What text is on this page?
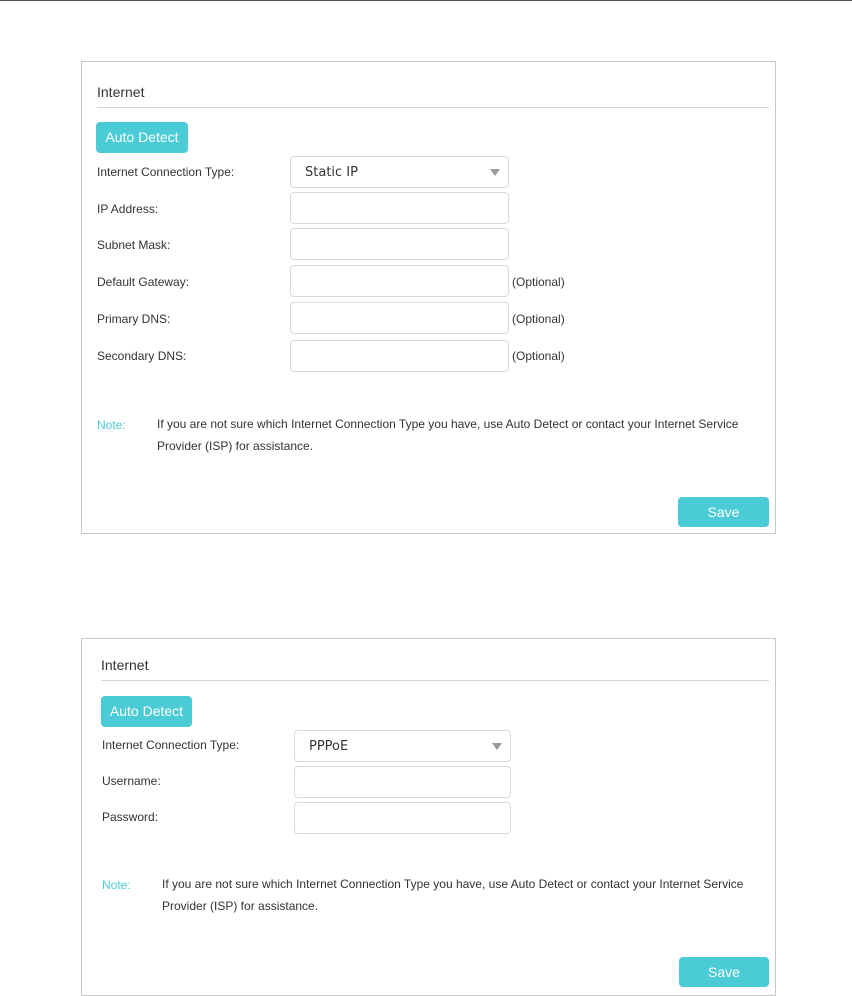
Internet
Auto Detect
Internet Connection Type:	Static IP
IP Address:
Subnet Mask:
Default Gateway:	(Optional)
Primary DNS:	(Optional)
Secondary DNS:	(Optional)
Note:	If you are not sure which Internet Connection Type you have, use Auto Detect or contact your Internet Service
Provider (ISP) for assistance.
Save
Internet
Auto Detect
Internet Connection Type:	PPPoE
Username:
Password:
Note:	If you are not sure which Internet Connection Type you have, use Auto Detect or contact your Internet Service
Provider (ISP) for assistance.
Save
